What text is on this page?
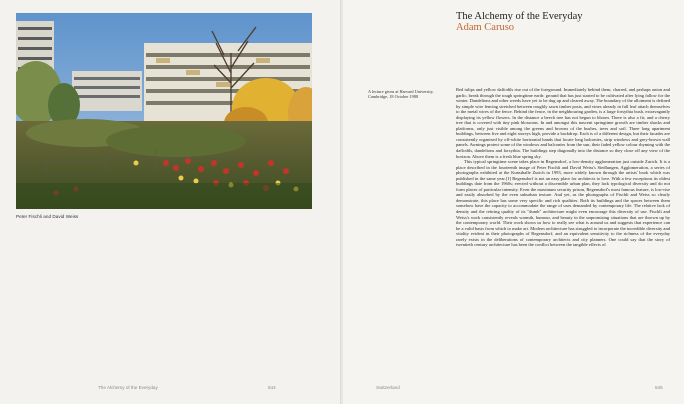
Peter Fischli and David Weiss
The Alchemy of the Everyday	544
The Alchemy of the Everyday
Adam Caruso
A lecture given at Harvard University, Cambridge, 18 October 1988

Red tulips and yellow daffodils rise out of the foreground. Immediately behind them, charred, and perhaps onion and garlic, break through the tough springtime earth: ground that has just started to be cultivated after lying fallow for the winter. Dandelions and other weeds have yet to be dug up and cleared away. The boundary of the allotment is defined by simple wire fencing stretched between roughly sawn timber posts, and vines already in full leaf attach themselves to the metal wires of the fence. Behind the fence, in the neighbouring garden, is a large forsythia bush, extravagantly displaying its yellow flowers. In the distance a beech tree has not begun to bloom. There is also a fir, and a cherry tree that is covered with tiny pink blossoms. In and amongst this nascent springtime growth are timber shacks and platforms, only just visible among the greens and browns of the bushes, trees and soil. Three long apartment buildings, between five and eight storeys high, provide a backdrop. Each is of a different design, but their facades are consistently organised by off-white horizontal bands that locate long balconies, strip windows and grey-brown wall panels. Awnings protect some of the windows and balconies from the sun, their faded yellow colour rhyming with the daffodils, dandelions and forsythia. The buildings step diagonally into the distance so they close off any view of the horizon. Above them is a fresh blue spring sky.

This typical springtime scene takes place in Regensdorf, a low-density agglomeration just outside Zurich. It is a place described in the fourteenth image of Peter Fischli and David Weiss's Siedlungen, Agglomeration, a series of photographs exhibited at the Kunsthalle Zurich in 1993, more widely known through the artists' book which was published in the same year.[1] Regensdorf is not an easy place for architects to love. With a few exceptions its oldest buildings date from the 1960s; erected without a discernible urban plan, they lack typological diversity and do not form places of particular intensity. Even the maximum security prison, Regensdorf's most famous feature, is low-rise and easily absorbed by the even suburban texture. And yet, as the photographs of Fischli and Weiss so clearly demonstrate, this place has some very specific and rich qualities. Both its buildings and the spaces between them somehow have the capacity to accommodate the range of uses demanded by contemporary life. The relative lack of density and the retiring quality of its "dumb" architecture might even encourage this diversity of use. Fischli and Weiss's work consistently reveals warmth, humour, and beauty in the unpromising situations that are thrown up by the contemporary world. Their work shows us how to really see what is around us and suggests that experience can be a valid basis from which to make art. Modern architecture has struggled to incorporate the incredible diversity and vitality evident in their photographs of Regensdorf, and an equivalent sensitivity to the richness of the everyday rarely exists in the deliberations of contemporary architects and city planners. One could say that the story of twentieth century architecture has been the conflict between the tangible effects of

Switzerland	545
